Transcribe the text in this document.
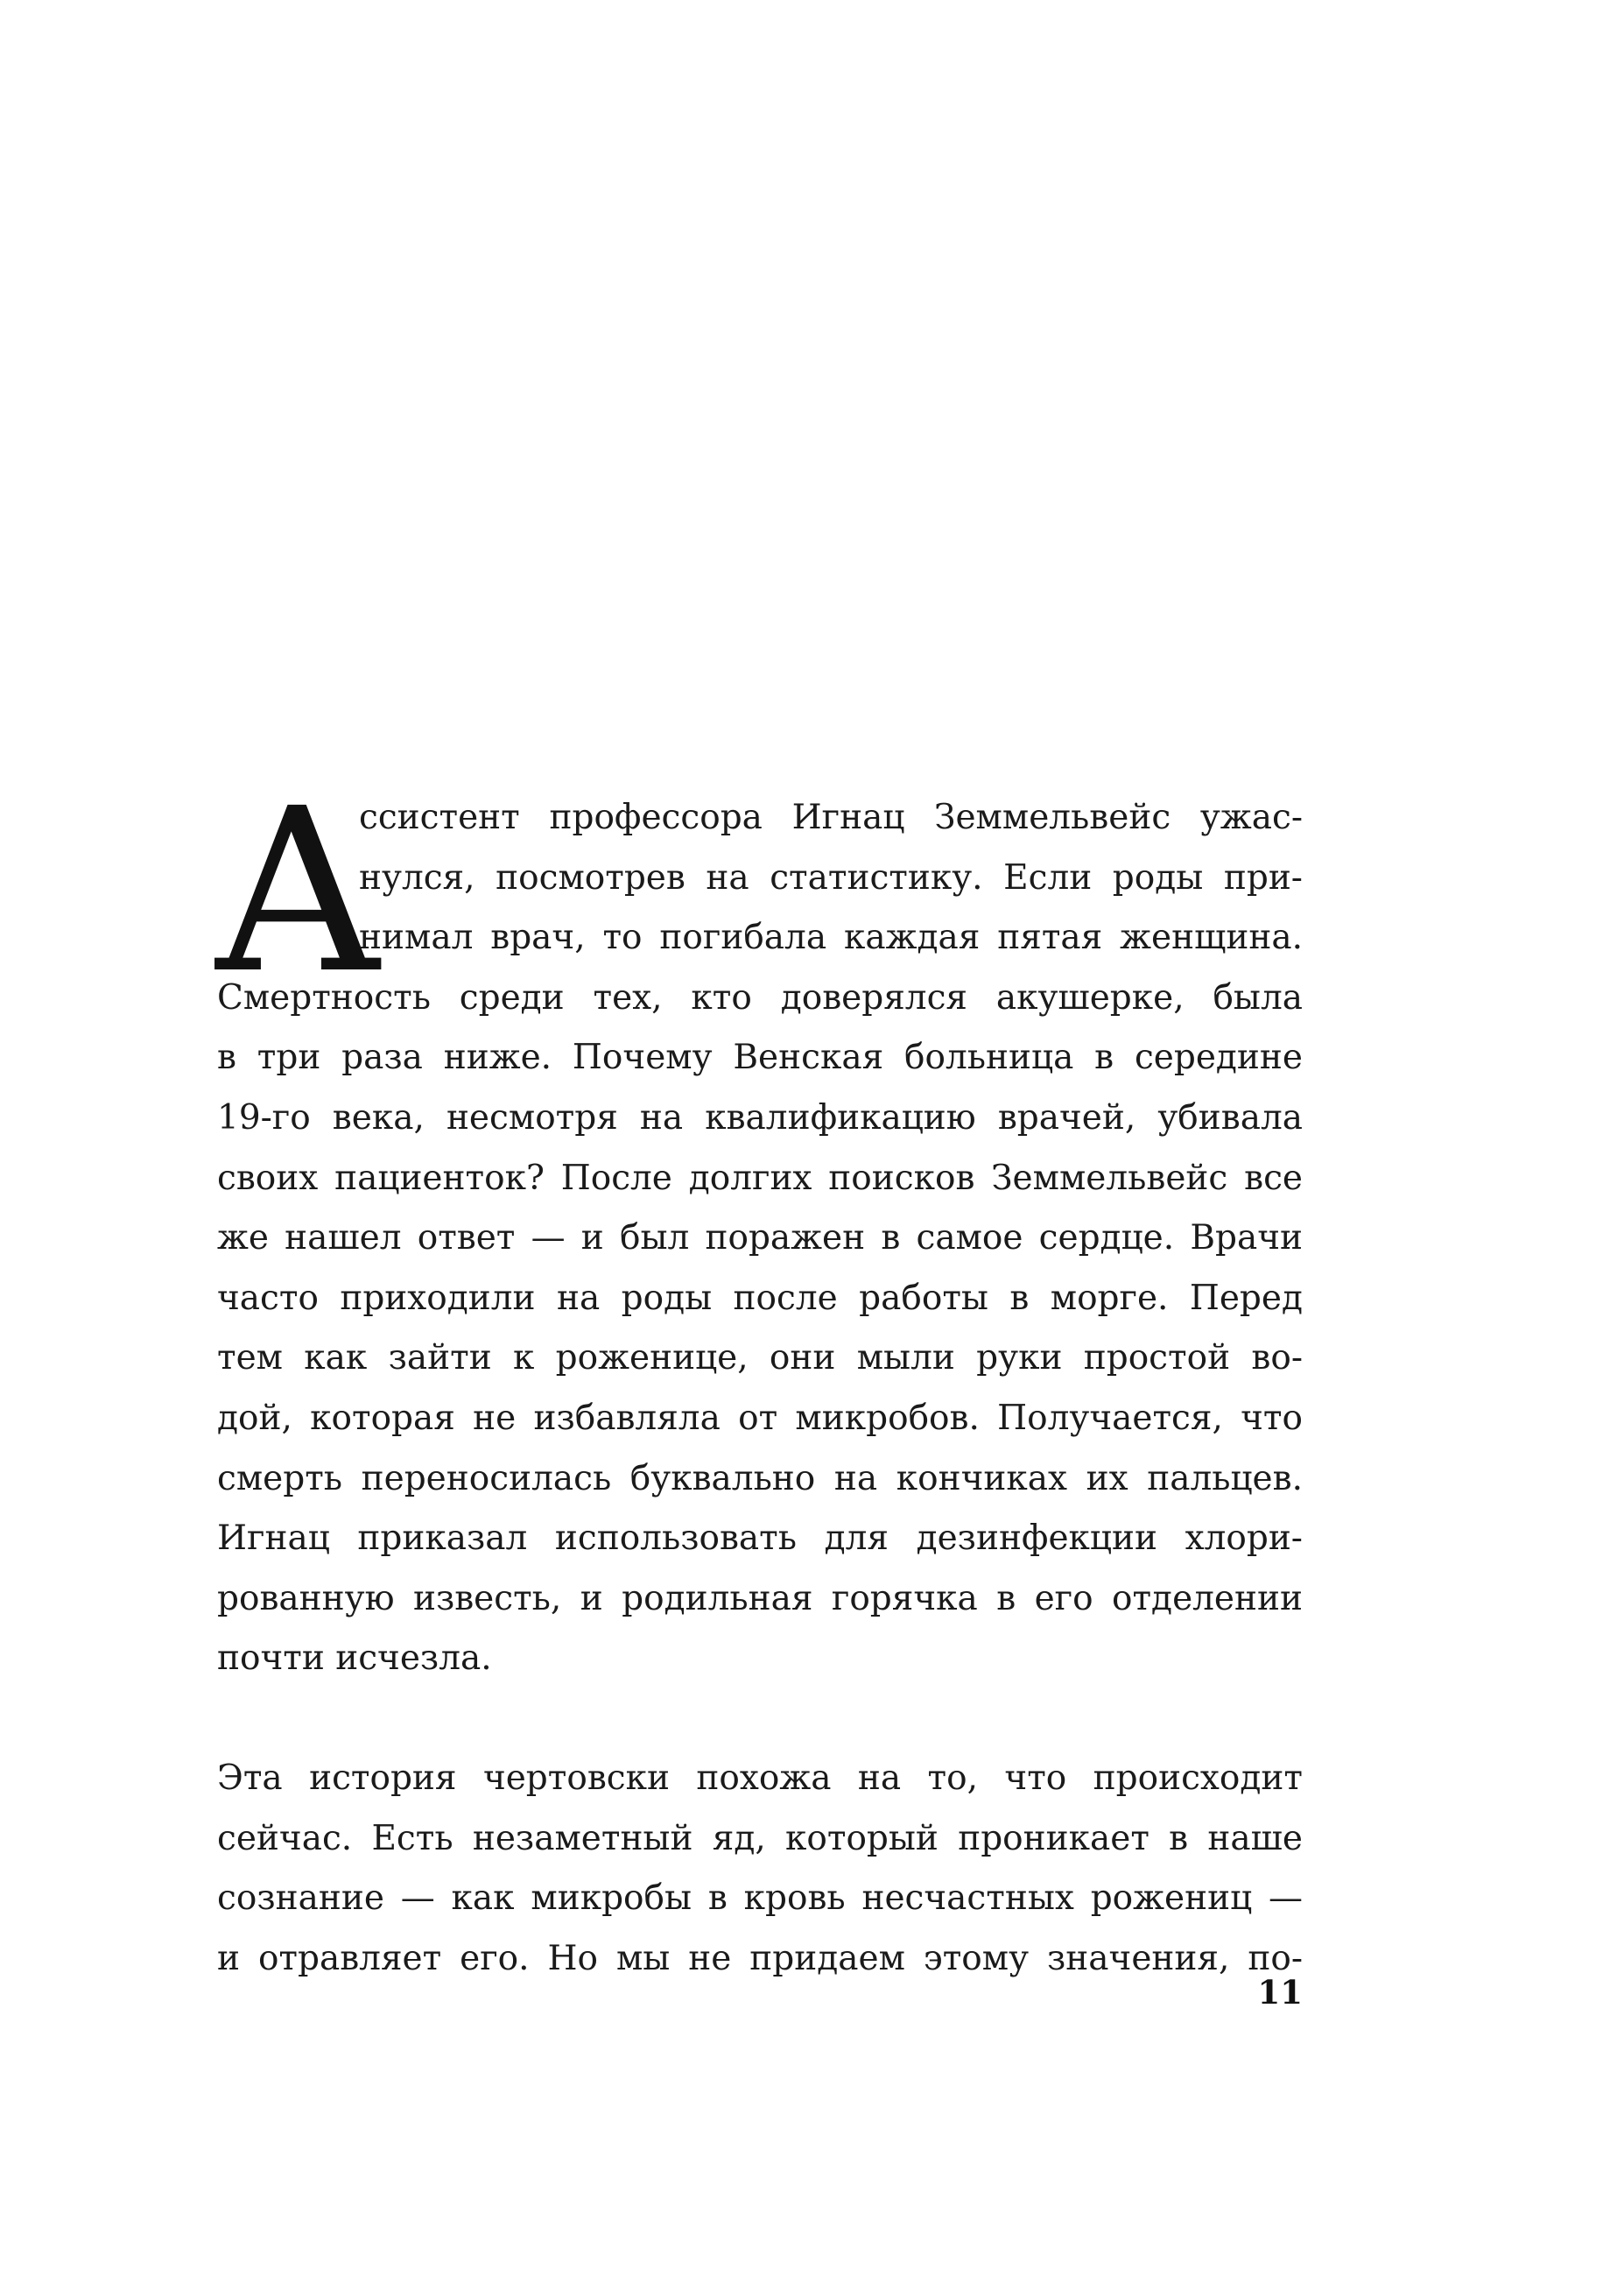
А
ссистент профессора Игнац Земмельвейс ужас-
нулся, посмотрев на статистику. Если роды при-
нимал врач, то погибала каждая пятая женщина.
Смертность среди тех, кто доверялся акушерке, была
в три раза ниже. Почему Венская больница в середине
19-го века, несмотря на квалификацию врачей, убивала
своих пациенток? После долгих поисков Земмельвейс все
же нашел ответ — и был поражен в самое сердце. Врачи
часто приходили на роды после работы в морге. Перед
тем как зайти к роженице, они мыли руки простой во-
дой, которая не избавляла от микробов. Получается, что
смерть переносилась буквально на кончиках их пальцев.
Игнац приказал использовать для дезинфекции хлори-
рованную известь, и родильная горячка в его отделении
почти исчезла.
Эта история чертовски похожа на то, что происходит
сейчас. Есть незаметный яд, который проникает в наше
сознание — как микробы в кровь несчастных рожениц —
и отравляет его. Но мы не придаем этому значения, по-
11
